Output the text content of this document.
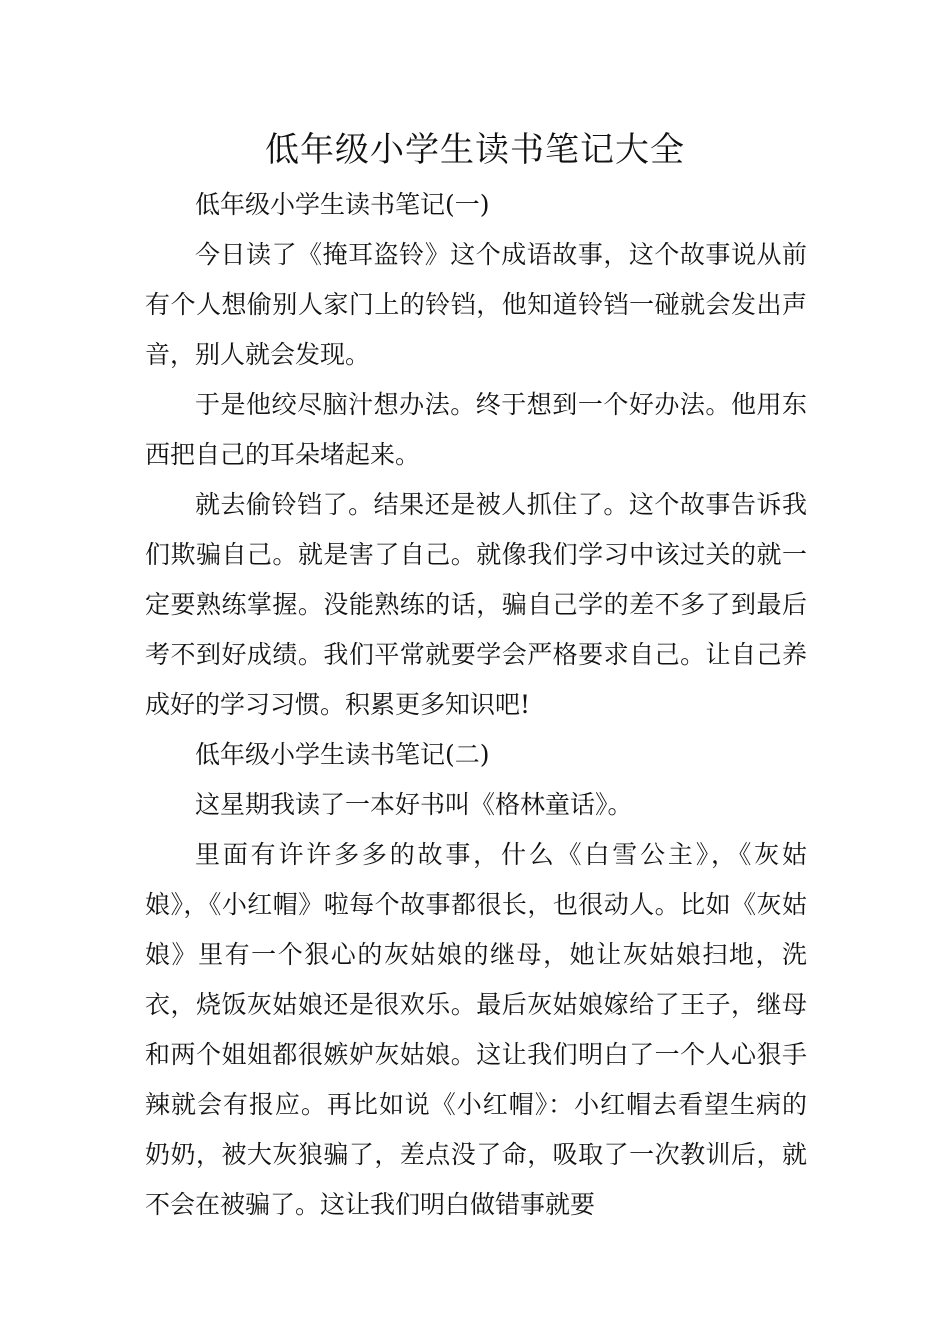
低年级小学生读书笔记大全

低年级小学生读书笔记(一)

今日读了《掩耳盗铃》这个成语故事，这个故事说从前有个人想偷别人家门上的铃铛，他知道铃铛一碰就会发出声音，别人就会发现。

于是他绞尽脑汁想办法。终于想到一个好办法。他用东西把自己的耳朵堵起来。

就去偷铃铛了。结果还是被人抓住了。这个故事告诉我们欺骗自己。就是害了自己。就像我们学习中该过关的就一定要熟练掌握。没能熟练的话，骗自己学的差不多了到最后考不到好成绩。我们平常就要学会严格要求自己。让自己养成好的学习习惯。积累更多知识吧!

低年级小学生读书笔记(二)

这星期我读了一本好书叫《格林童话》。

里面有许许多多的故事，什么《白雪公主》，《灰姑娘》，《小红帽》啦每个故事都很长，也很动人。比如《灰姑娘》里有一个狠心的灰姑娘的继母，她让灰姑娘扫地，洗衣，烧饭灰姑娘还是很欢乐。最后灰姑娘嫁给了王子，继母和两个姐姐都很嫉妒灰姑娘。这让我们明白了一个人心狠手辣就会有报应。再比如说《小红帽》：小红帽去看望生病的奶奶，被大灰狼骗了，差点没了命，吸取了一次教训后，就不会在被骗了。这让我们明白做错事就要
